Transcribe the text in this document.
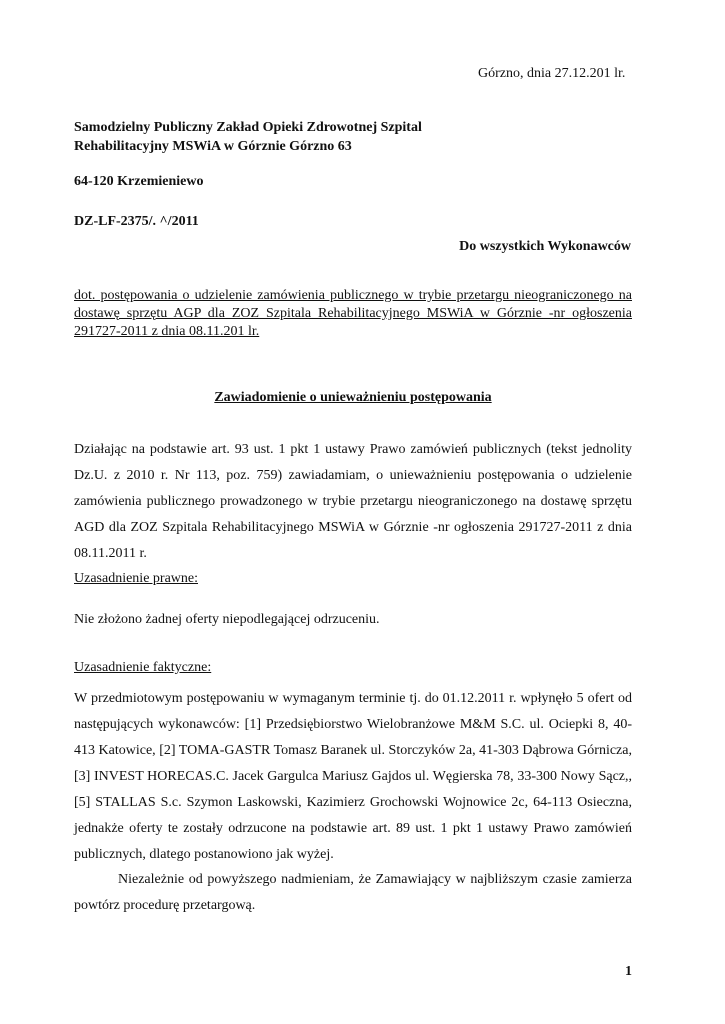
Górzno, dnia 27.12.201 lr.

Samodzielny Publiczny Zakład Opieki Zdrowotnej Szpital
Rehabilitacyjny MSWiA w Górznie Górzno 63

64-120 Krzemieniewo

DZ-LF-2375/. ^/2011

Do wszystkich Wykonawców

dot. postępowania o udzielenie zamówienia publicznego w trybie przetargu nieograniczonego na dostawę sprzętu AGP dla ZOZ Szpitala Rehabilitacyjnego MSWiA w Górznie -nr ogłoszenia 291727-2011 z dnia 08.11.201 lr.

Zawiadomienie o unieważnieniu postępowania

Działając na podstawie art. 93 ust. 1 pkt 1 ustawy Prawo zamówień publicznych (tekst jednolity Dz.U. z 2010 r. Nr 113, poz. 759) zawiadamiam, o unieważnieniu postępowania o udzielenie zamówienia publicznego prowadzonego w trybie przetargu nieograniczonego na dostawę sprzętu AGD dla ZOZ Szpitala Rehabilitacyjnego MSWiA w Górznie -nr ogłoszenia 291727-2011 z dnia 08.11.2011 r.

Uzasadnienie prawne:

Nie złożono żadnej oferty niepodlegającej odrzuceniu.

Uzasadnienie faktyczne:

W przedmiotowym postępowaniu w wymaganym terminie tj. do 01.12.2011 r. wpłynęło 5 ofert od następujących wykonawców: [1] Przedsiębiorstwo Wielobranżowe M&M S.C. ul. Ociepki 8, 40-413 Katowice, [2] TOMA-GASTR Tomasz Baranek ul. Storczyków 2a, 41-303 Dąbrowa Górnicza, [3] INVEST HORECAS.C. Jacek Gargulca Mariusz Gajdos ul. Węgierska 78, 33-300 Nowy Sącz,, [5] STALLAS S.c. Szymon Laskowski, Kazimierz Grochowski Wojnowice 2c, 64-113 Osieczna, jednakże oferty te zostały odrzucone na podstawie art. 89 ust. 1 pkt 1 ustawy Prawo zamówień publicznych, dlatego postanowiono jak wyżej.

Niezależnie od powyższego nadmieniam, że Zamawiający w najbliższym czasie zamierza powtórz procedurę przetargową.

1
